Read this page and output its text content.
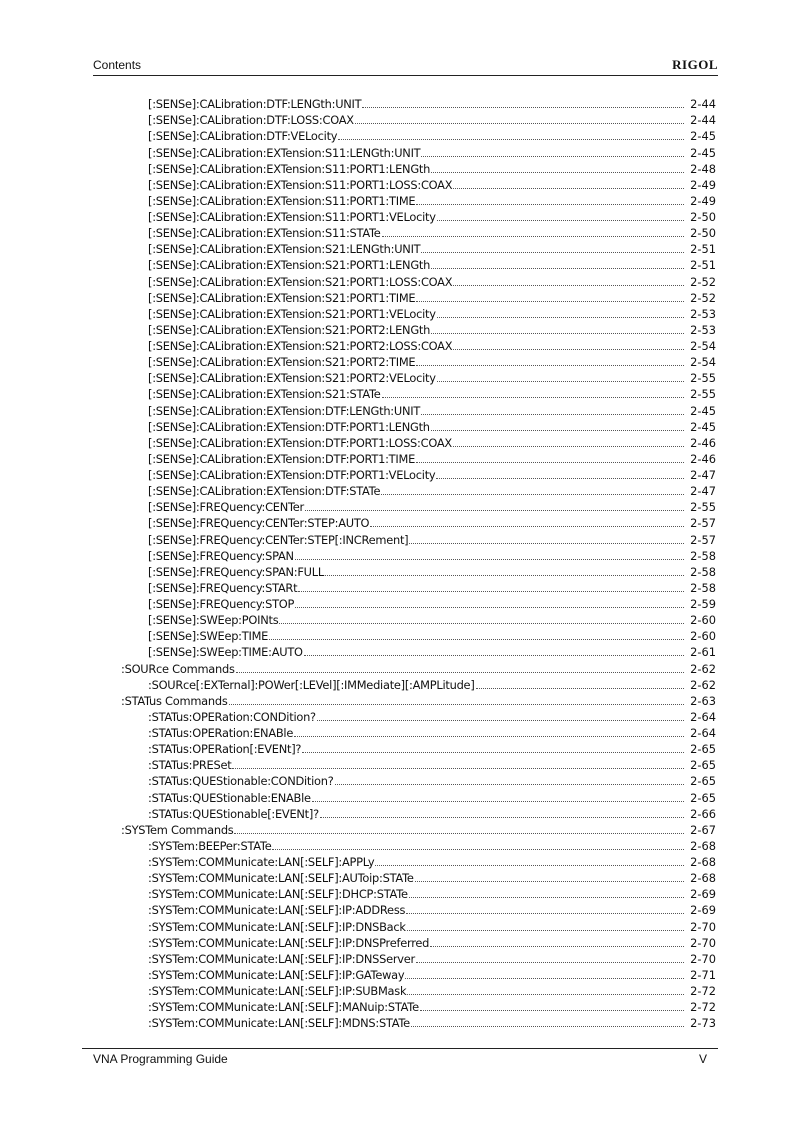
Contents	RIGOL
[:SENSe]:CALibration:DTF:LENGth:UNIT	2-44
[:SENSe]:CALibration:DTF:LOSS:COAX	2-44
[:SENSe]:CALibration:DTF:VELocity	2-45
[:SENSe]:CALibration:EXTension:S11:LENGth:UNIT	2-45
[:SENSe]:CALibration:EXTension:S11:PORT1:LENGth	2-48
[:SENSe]:CALibration:EXTension:S11:PORT1:LOSS:COAX	2-49
[:SENSe]:CALibration:EXTension:S11:PORT1:TIME	2-49
[:SENSe]:CALibration:EXTension:S11:PORT1:VELocity	2-50
[:SENSe]:CALibration:EXTension:S11:STATe	2-50
[:SENSe]:CALibration:EXTension:S21:LENGth:UNIT	2-51
[:SENSe]:CALibration:EXTension:S21:PORT1:LENGth	2-51
[:SENSe]:CALibration:EXTension:S21:PORT1:LOSS:COAX	2-52
[:SENSe]:CALibration:EXTension:S21:PORT1:TIME	2-52
[:SENSe]:CALibration:EXTension:S21:PORT1:VELocity	2-53
[:SENSe]:CALibration:EXTension:S21:PORT2:LENGth	2-53
[:SENSe]:CALibration:EXTension:S21:PORT2:LOSS:COAX	2-54
[:SENSe]:CALibration:EXTension:S21:PORT2:TIME	2-54
[:SENSe]:CALibration:EXTension:S21:PORT2:VELocity	2-55
[:SENSe]:CALibration:EXTension:S21:STATe	2-55
[:SENSe]:CALibration:EXTension:DTF:LENGth:UNIT	2-45
[:SENSe]:CALibration:EXTension:DTF:PORT1:LENGth	2-45
[:SENSe]:CALibration:EXTension:DTF:PORT1:LOSS:COAX	2-46
[:SENSe]:CALibration:EXTension:DTF:PORT1:TIME	2-46
[:SENSe]:CALibration:EXTension:DTF:PORT1:VELocity	2-47
[:SENSe]:CALibration:EXTension:DTF:STATe	2-47
[:SENSe]:FREQuency:CENTer	2-55
[:SENSe]:FREQuency:CENTer:STEP:AUTO	2-57
[:SENSe]:FREQuency:CENTer:STEP[:INCRement]	2-57
[:SENSe]:FREQuency:SPAN	2-58
[:SENSe]:FREQuency:SPAN:FULL	2-58
[:SENSe]:FREQuency:STARt	2-58
[:SENSe]:FREQuency:STOP	2-59
[:SENSe]:SWEep:POINts	2-60
[:SENSe]:SWEep:TIME	2-60
[:SENSe]:SWEep:TIME:AUTO	2-61
:SOURce Commands	2-62
:SOURce[:EXTernal]:POWer[:LEVel][:IMMediate][:AMPLitude]	2-62
:STATus Commands	2-63
:STATus:OPERation:CONDition?	2-64
:STATus:OPERation:ENABle	2-64
:STATus:OPERation[:EVENt]?	2-65
:STATus:PRESet	2-65
:STATus:QUEStionable:CONDition?	2-65
:STATus:QUEStionable:ENABle	2-65
:STATus:QUEStionable[:EVENt]?	2-66
:SYSTem Commands	2-67
:SYSTem:BEEPer:STATe	2-68
:SYSTem:COMMunicate:LAN[:SELF]:APPLy	2-68
:SYSTem:COMMunicate:LAN[:SELF]:AUToip:STATe	2-68
:SYSTem:COMMunicate:LAN[:SELF]:DHCP:STATe	2-69
:SYSTem:COMMunicate:LAN[:SELF]:IP:ADDRess	2-69
:SYSTem:COMMunicate:LAN[:SELF]:IP:DNSBack	2-70
:SYSTem:COMMunicate:LAN[:SELF]:IP:DNSPreferred	2-70
:SYSTem:COMMunicate:LAN[:SELF]:IP:DNSServer	2-70
:SYSTem:COMMunicate:LAN[:SELF]:IP:GATeway	2-71
:SYSTem:COMMunicate:LAN[:SELF]:IP:SUBMask	2-72
:SYSTem:COMMunicate:LAN[:SELF]:MANuip:STATe	2-72
:SYSTem:COMMunicate:LAN[:SELF]:MDNS:STATe	2-73
VNA Programming Guide	V
